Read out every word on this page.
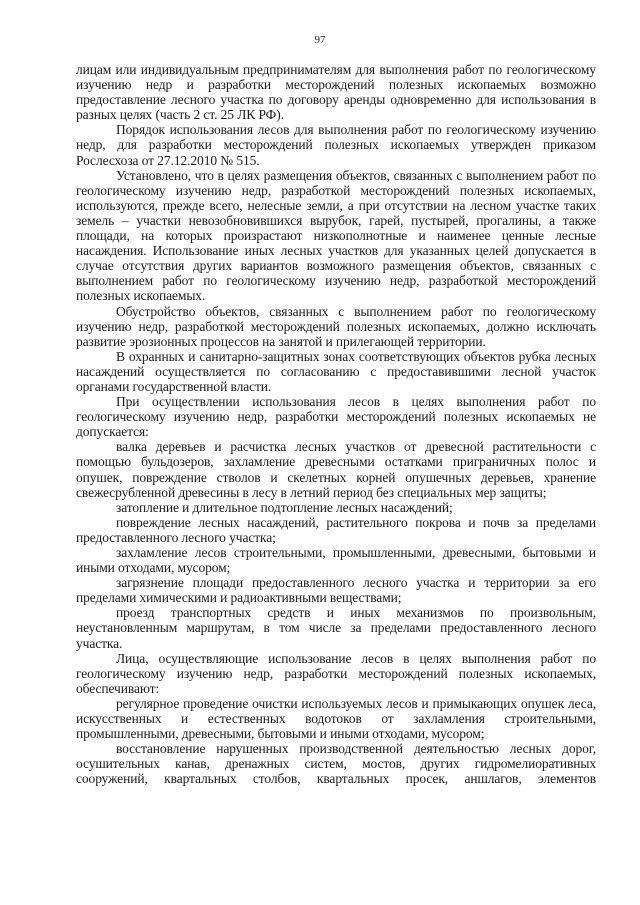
97

лицам или индивидуальным предпринимателям для выполнения работ по геологическому изучению недр и разработки месторождений полезных ископаемых возможно предоставление лесного участка по договору аренды одновременно для использования в разных целях (часть 2 ст. 25 ЛК РФ).

Порядок использования лесов для выполнения работ по геологическому изучению недр, для разработки месторождений полезных ископаемых утвержден приказом Рослесхоза от 27.12.2010 № 515.

Установлено, что в целях размещения объектов, связанных с выполнением работ по геологическому изучению недр, разработкой месторождений полезных ископаемых, используются, прежде всего, нелесные земли, а при отсутствии на лесном участке таких земель – участки невозобновившихся вырубок, гарей, пустырей, прогалины, а также площади, на которых произрастают низкополнотные и наименее ценные лесные насаждения. Использование иных лесных участков для указанных целей допускается в случае отсутствия других вариантов возможного размещения объектов, связанных с выполнением работ по геологическому изучению недр, разработкой месторождений полезных ископаемых.

Обустройство объектов, связанных с выполнением работ по геологическому изучению недр, разработкой месторождений полезных ископаемых, должно исключать развитие эрозионных процессов на занятой и прилегающей территории.

В охранных и санитарно-защитных зонах соответствующих объектов рубка лесных насаждений осуществляется по согласованию с предоставившими лесной участок органами государственной власти.

При осуществлении использования лесов в целях выполнения работ по геологическому изучению недр, разработки месторождений полезных ископаемых не допускается:

валка деревьев и расчистка лесных участков от древесной растительности с помощью бульдозеров, захламление древесными остатками приграничных полос и опушек, повреждение стволов и скелетных корней опушечных деревьев, хранение свежесрубленной древесины в лесу в летний период без специальных мер защиты;

затопление и длительное подтопление лесных насаждений;

повреждение лесных насаждений, растительного покрова и почв за пределами предоставленного лесного участка;

захламление лесов строительными, промышленными, древесными, бытовыми и иными отходами, мусором;

загрязнение площади предоставленного лесного участка и территории за его пределами химическими и радиоактивными веществами;

проезд транспортных средств и иных механизмов по произвольным, неустановленным маршрутам, в том числе за пределами предоставленного лесного участка.

Лица, осуществляющие использование лесов в целях выполнения работ по геологическому изучению недр, разработки месторождений полезных ископаемых, обеспечивают:

регулярное проведение очистки используемых лесов и примыкающих опушек леса, искусственных и естественных водотоков от захламления строительными, промышленными, древесными, бытовыми и иными отходами, мусором;

восстановление нарушенных производственной деятельностью лесных дорог, осушительных канав, дренажных систем, мостов, других гидромелиоративных сооружений, квартальных столбов, квартальных просек, аншлагов, элементов
